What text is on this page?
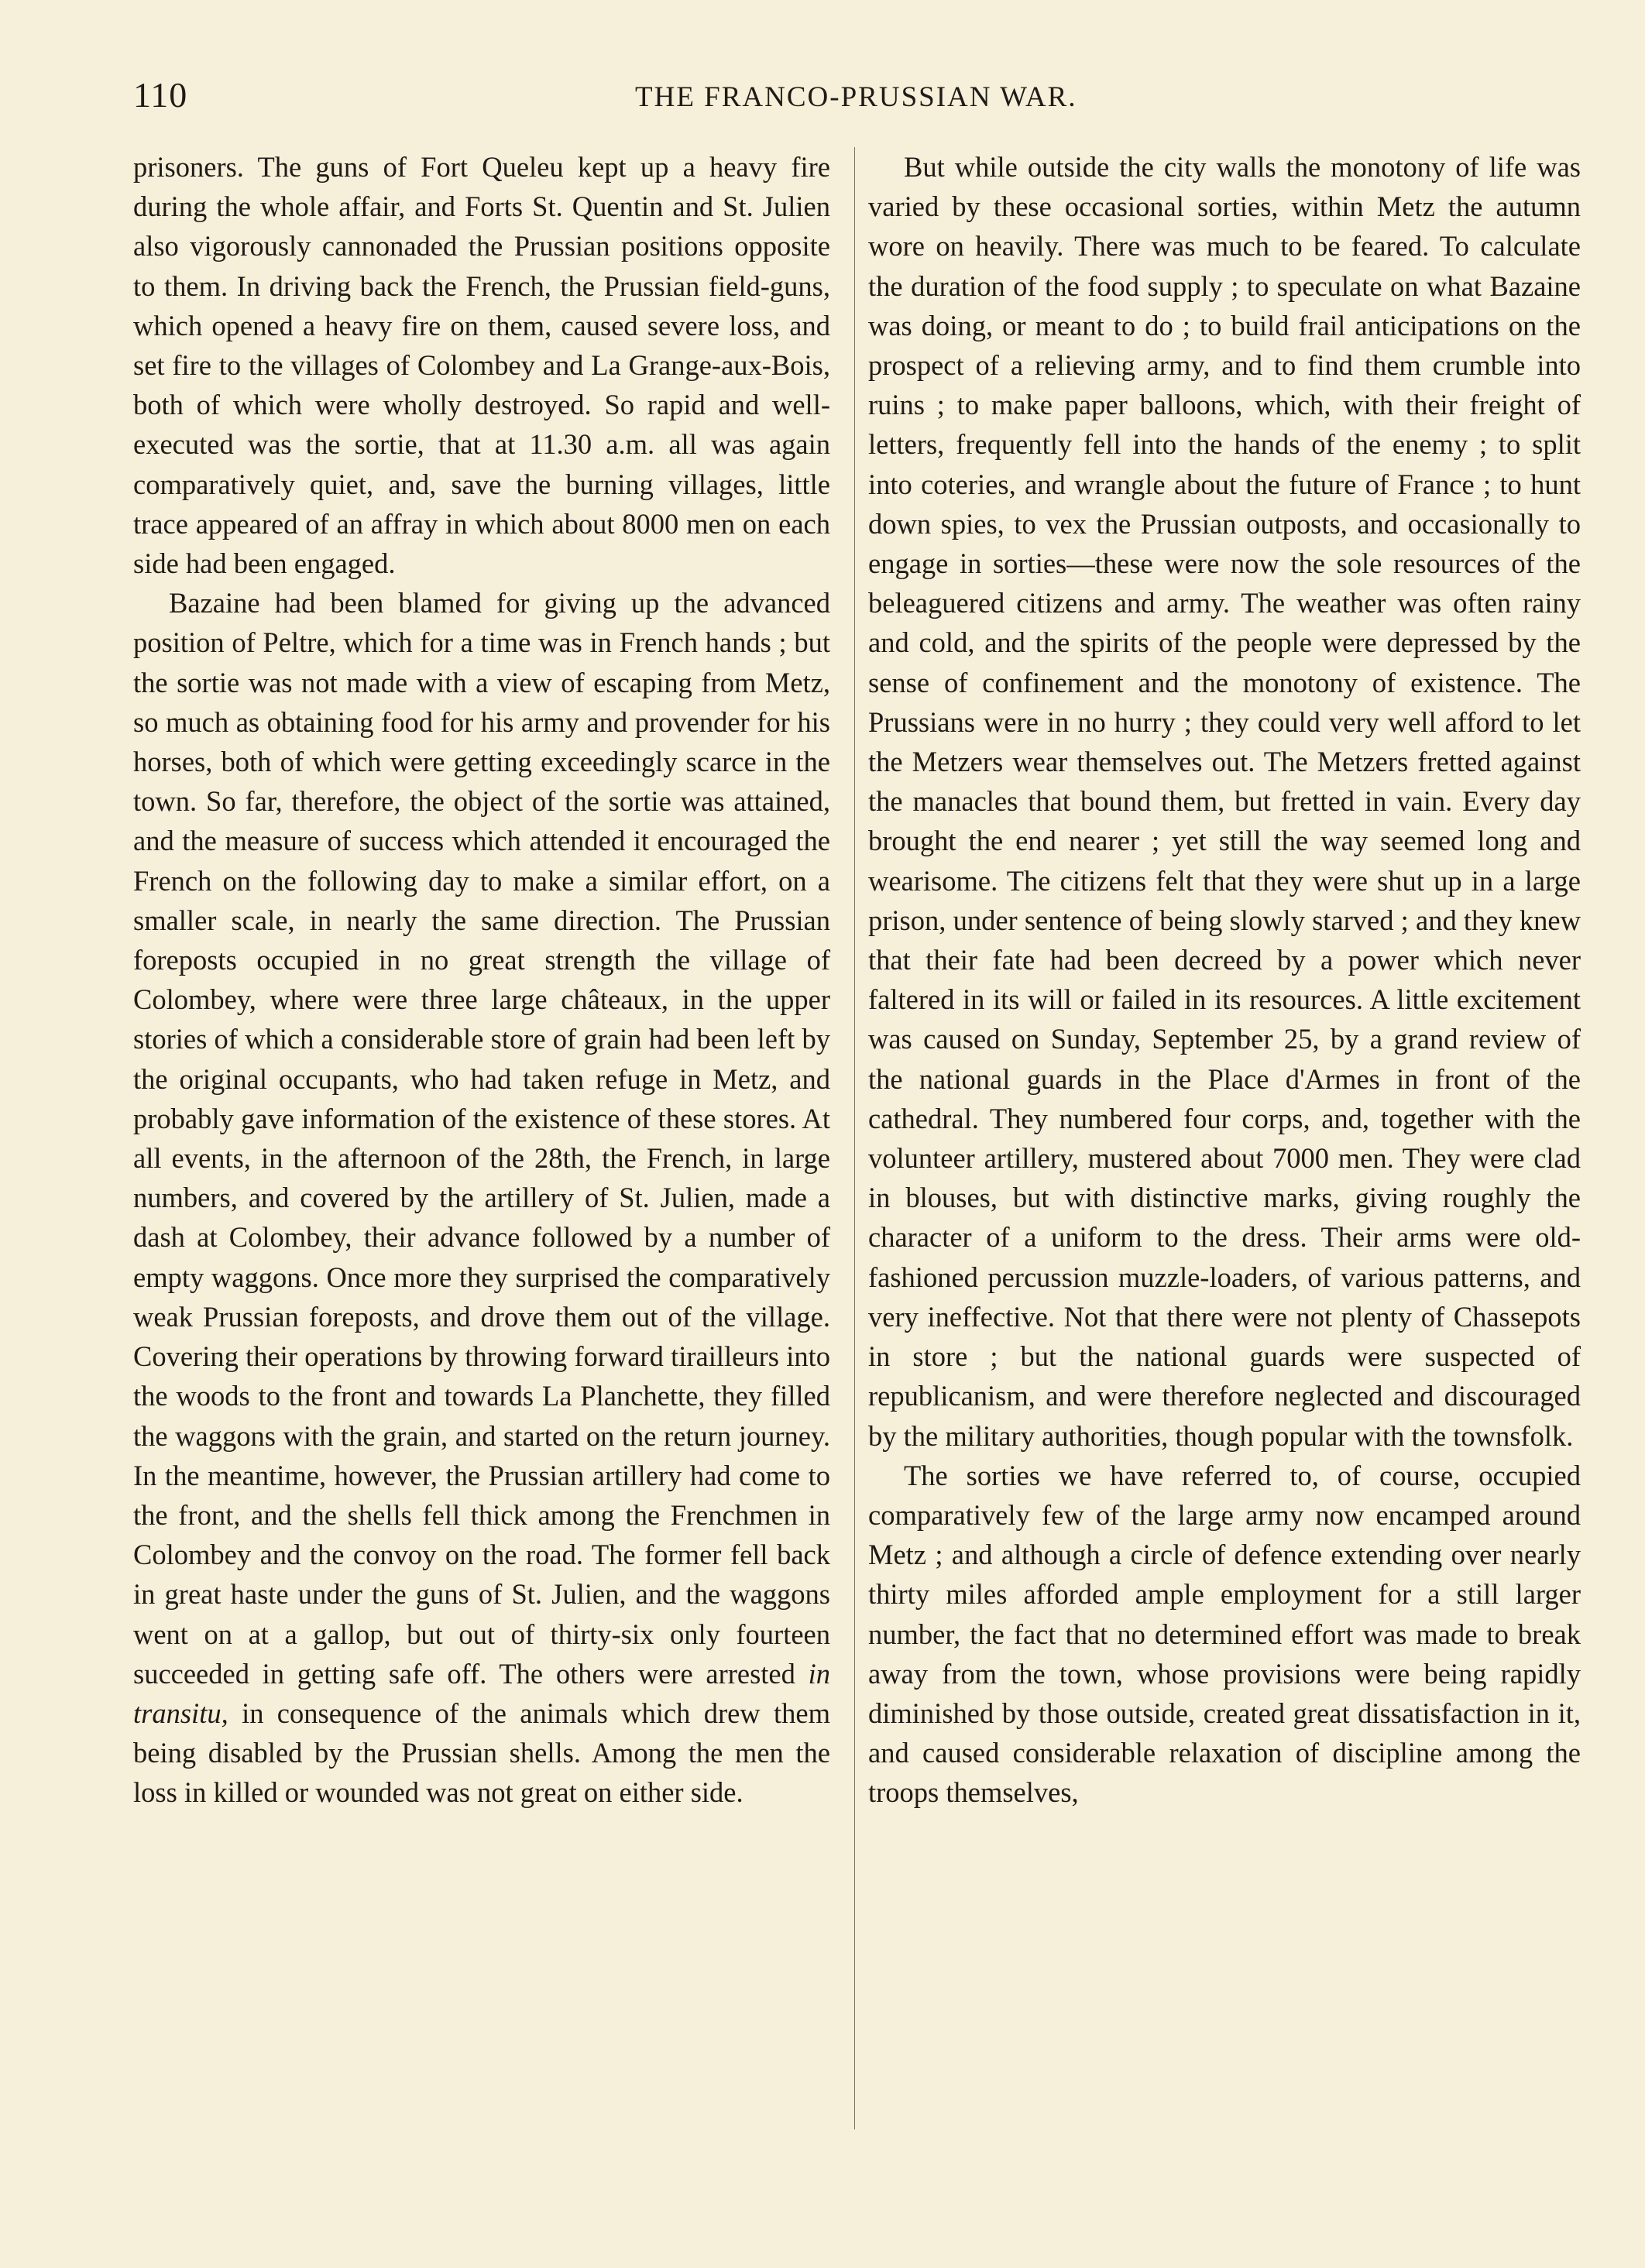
110	THE FRANCO-PRUSSIAN WAR.

prisoners. The guns of Fort Queleu kept up a heavy fire during the whole affair, and Forts St. Quentin and St. Julien also vigorously cannonaded the Prussian positions opposite to them. In driving back the French, the Prussian field-guns, which opened a heavy fire on them, caused severe loss, and set fire to the villages of Colombey and La Grange-aux-Bois, both of which were wholly destroyed. So rapid and well-executed was the sortie, that at 11.30 a.m. all was again comparatively quiet, and, save the burning villages, little trace appeared of an affray in which about 8000 men on each side had been engaged.

Bazaine had been blamed for giving up the advanced position of Peltre, which for a time was in French hands ; but the sortie was not made with a view of escaping from Metz, so much as obtaining food for his army and provender for his horses, both of which were getting exceedingly scarce in the town. So far, therefore, the object of the sortie was attained, and the measure of success which attended it encouraged the French on the following day to make a similar effort, on a smaller scale, in nearly the same direction. The Prussian foreposts occupied in no great strength the village of Colombey, where were three large châteaux, in the upper stories of which a considerable store of grain had been left by the original occupants, who had taken refuge in Metz, and probably gave information of the existence of these stores. At all events, in the afternoon of the 28th, the French, in large numbers, and covered by the artillery of St. Julien, made a dash at Colombey, their advance followed by a number of empty waggons. Once more they surprised the comparatively weak Prussian foreposts, and drove them out of the village. Covering their operations by throwing forward tirailleurs into the woods to the front and towards La Planchette, they filled the waggons with the grain, and started on the return journey. In the meantime, however, the Prussian artillery had come to the front, and the shells fell thick among the Frenchmen in Colombey and the convoy on the road. The former fell back in great haste under the guns of St. Julien, and the waggons went on at a gallop, but out of thirty-six only fourteen succeeded in getting safe off. The others were arrested in transitu, in consequence of the animals which drew them being disabled by the Prussian shells. Among the men the loss in killed or wounded was not great on either side.

But while outside the city walls the monotony of life was varied by these occasional sorties, within Metz the autumn wore on heavily. There was much to be feared. To calculate the duration of the food supply ; to speculate on what Bazaine was doing, or meant to do ; to build frail anticipations on the prospect of a relieving army, and to find them crumble into ruins ; to make paper balloons, which, with their freight of letters, frequently fell into the hands of the enemy ; to split into coteries, and wrangle about the future of France ; to hunt down spies, to vex the Prussian outposts, and occasionally to engage in sorties—these were now the sole resources of the beleaguered citizens and army. The weather was often rainy and cold, and the spirits of the people were depressed by the sense of confinement and the monotony of existence. The Prussians were in no hurry ; they could very well afford to let the Metzers wear themselves out. The Metzers fretted against the manacles that bound them, but fretted in vain. Every day brought the end nearer ; yet still the way seemed long and wearisome. The citizens felt that they were shut up in a large prison, under sentence of being slowly starved ; and they knew that their fate had been decreed by a power which never faltered in its will or failed in its resources. A little excitement was caused on Sunday, September 25, by a grand review of the national guards in the Place d'Armes in front of the cathedral. They numbered four corps, and, together with the volunteer artillery, mustered about 7000 men. They were clad in blouses, but with distinctive marks, giving roughly the character of a uniform to the dress. Their arms were old-fashioned percussion muzzle-loaders, of various patterns, and very ineffective. Not that there were not plenty of Chassepots in store ; but the national guards were suspected of republicanism, and were therefore neglected and discouraged by the military authorities, though popular with the townsfolk.

The sorties we have referred to, of course, occupied comparatively few of the large army now encamped around Metz ; and although a circle of defence extending over nearly thirty miles afforded ample employment for a still larger number, the fact that no determined effort was made to break away from the town, whose provisions were being rapidly diminished by those outside, created great dissatisfaction in it, and caused considerable relaxation of discipline among the troops themselves,
